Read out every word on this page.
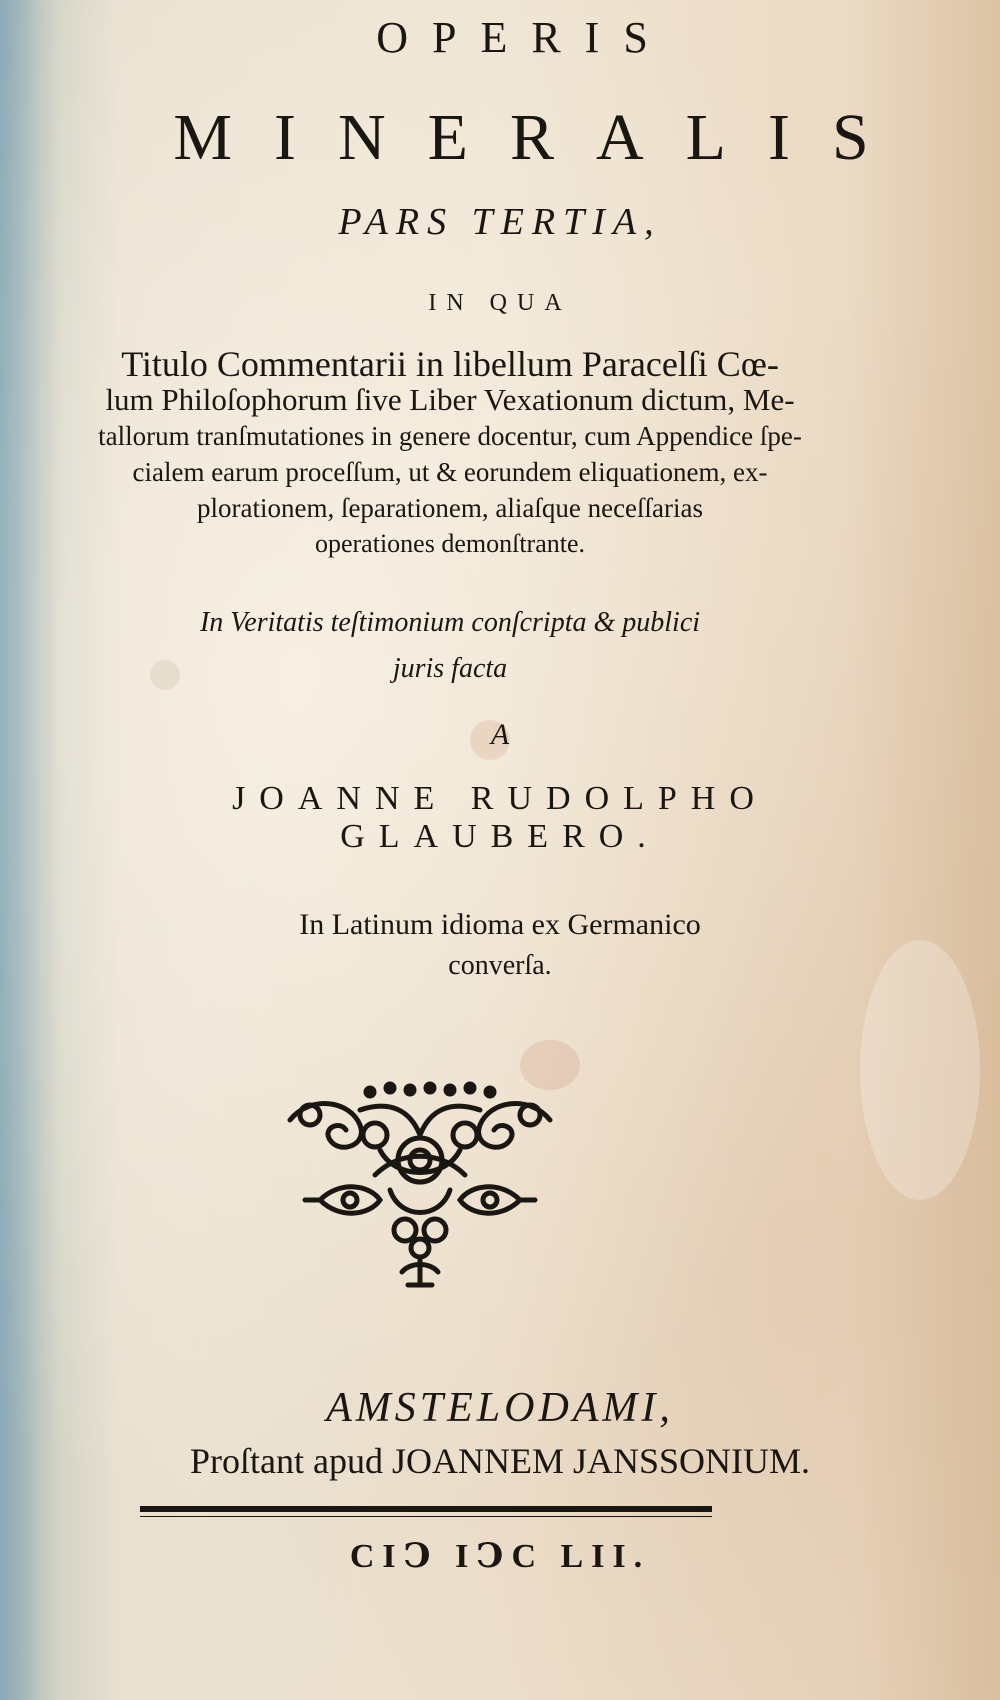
OPERIS
MINERALIS
PARS TERTIA,
IN QUA
Titulo Commentarii in libellum Paracelſi Cœ-
lum Philoſophorum ſive Liber Vexationum dictum, Me-
tallorum tranſmutationes in genere docentur, cum Appendice ſpe-
cialem earum proceſſum, ut & eorundem eliquationem, ex-
plorationem, ſeparationem, aliaſque neceſſarias
operationes demonſtrante.
In Veritatis teſtimonium conſcripta & publici
juris facta
A
JOANNE RUDOLPHO
GLAUBERO.
In Latinum idioma ex Germanico
converſa.
AMSTELODAMI,
Proſtant apud JOANNEM JANSSONIUM.
CIↃ IↃC LII.
